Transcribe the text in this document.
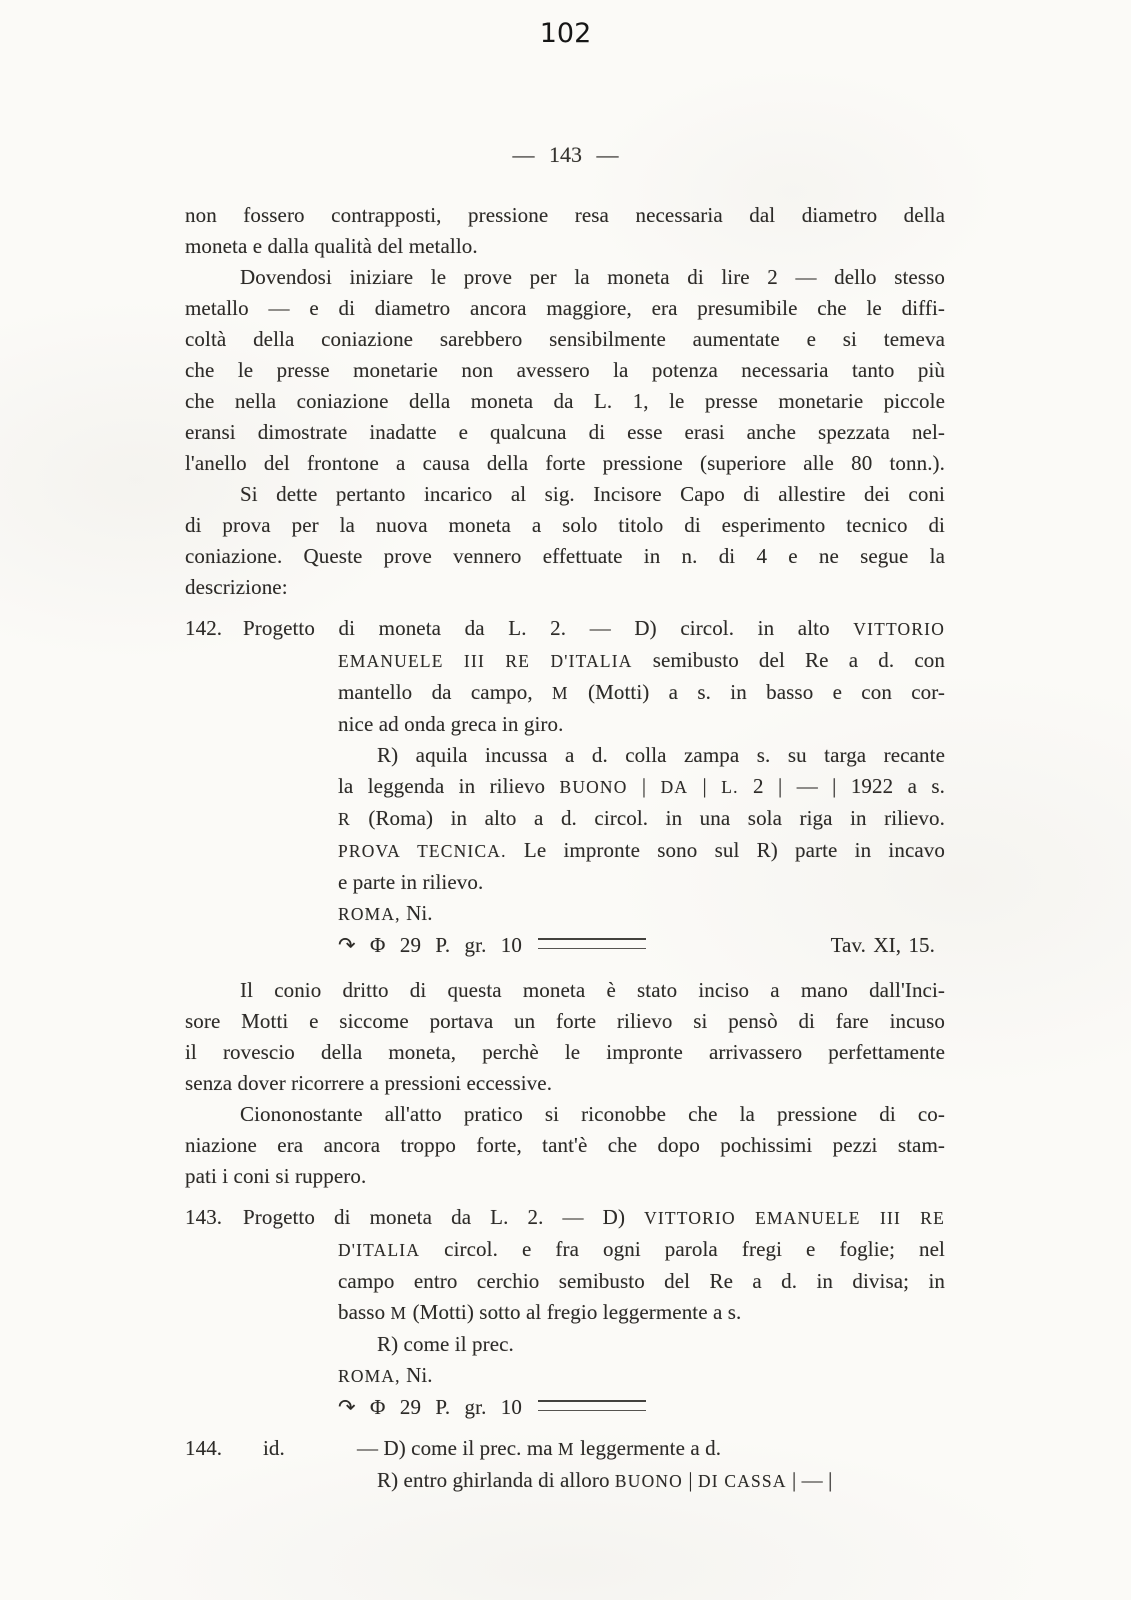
102
— 143 —
non fossero contrapposti, pressione resa necessaria dal diametro della
moneta e dalla qualità del metallo.
Dovendosi iniziare le prove per la moneta di lire 2 — dello stesso
metallo — e di diametro ancora maggiore, era presumibile che le diffi-
coltà della coniazione sarebbero sensibilmente aumentate e si temeva
che le presse monetarie non avessero la potenza necessaria tanto più
che nella coniazione della moneta da L. 1, le presse monetarie piccole
eransi dimostrate inadatte e qualcuna di esse erasi anche spezzata nel-
l'anello del frontone a causa della forte pressione (superiore alle 80 tonn.).
Si dette pertanto incarico al sig. Incisore Capo di allestire dei coni
di prova per la nuova moneta a solo titolo di esperimento tecnico di
coniazione. Queste prove vennero effettuate in n. di 4 e ne segue la
descrizione:
142. Progetto di moneta da L. 2. — D) circol. in alto VITTORIO
EMANUELE III RE D'ITALIA semibusto del Re a d. con
mantello da campo, M (Motti) a s. in basso e con cor-
nice ad onda greca in giro.
R) aquila incussa a d. colla zampa s. su targa recante
la leggenda in rilievo BUONO | DA | L. 2 | — | 1922 a s.
R (Roma) in alto a d. circol. in una sola riga in rilievo.
PROVA TECNICA. Le impronte sono sul R) parte in incavo
e parte in rilievo.
ROMA, Ni.
↷ Φ 29 P. gr. 10	Tav. XI, 15.
Il conio dritto di questa moneta è stato inciso a mano dall'Inci-
sore Motti e siccome portava un forte rilievo si pensò di fare incuso
il rovescio della moneta, perchè le impronte arrivassero perfettamente
senza dover ricorrere a pressioni eccessive.
Ciononostante all'atto pratico si riconobbe che la pressione di co-
niazione era ancora troppo forte, tant'è che dopo pochissimi pezzi stam-
pati i coni si ruppero.
143. Progetto di moneta da L. 2. — D) VITTORIO EMANUELE III RE
D'ITALIA circol. e fra ogni parola fregi e foglie; nel
campo entro cerchio semibusto del Re a d. in divisa; in
basso M (Motti) sotto al fregio leggermente a s.
R) come il prec.
ROMA, Ni.
↷ Φ 29 P. gr. 10
144. id.	— D) come il prec. ma M leggermente a d.
R) entro ghirlanda di alloro BUONO | DI CASSA | — |
